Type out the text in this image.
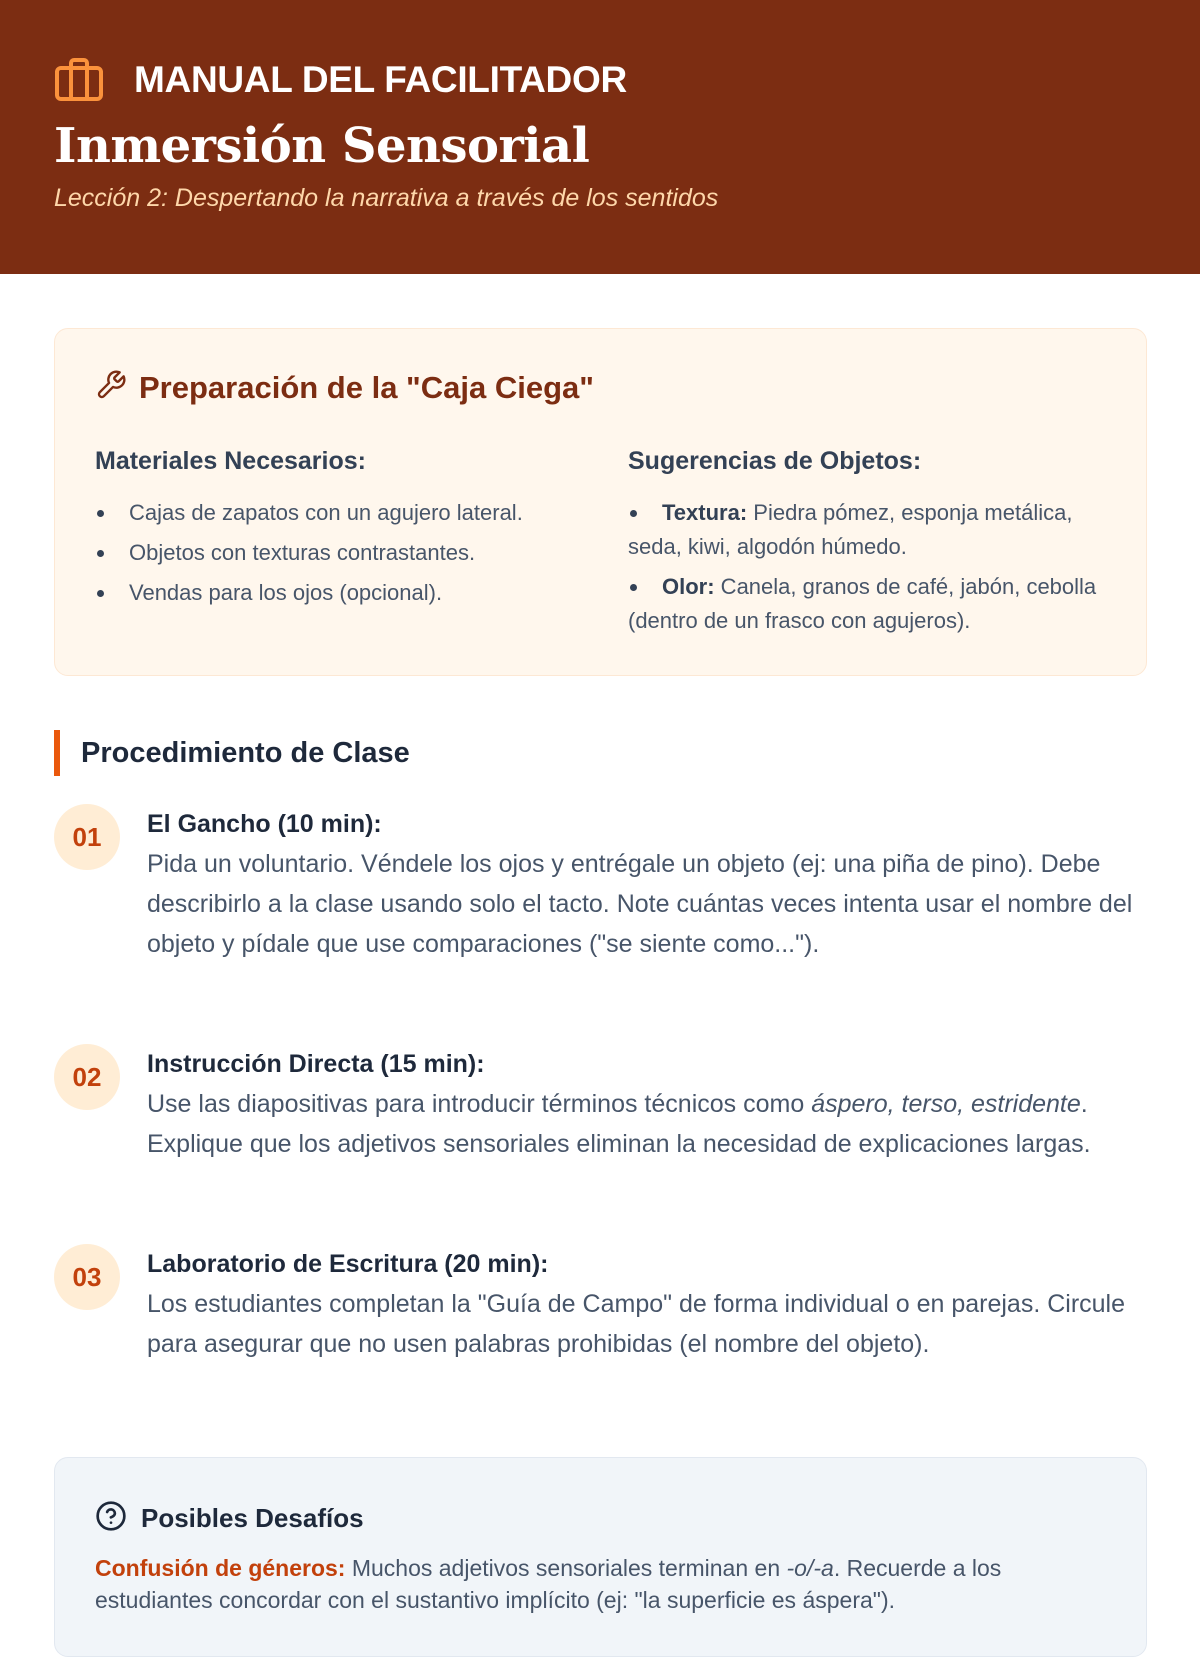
MANUAL DEL FACILITADOR
Inmersión Sensorial

Lección 2: Despertando la narrativa a través de los sentidos

Preparación de la "Caja Ciega"
Materiales Necesarios:
Cajas de zapatos con un agujero lateral.
Objetos con texturas contrastantes.
Vendas para los ojos (opcional).
Sugerencias de Objetos:
Textura: Piedra pómez, esponja metálica, seda, kiwi, algodón húmedo.
Olor: Canela, granos de café, jabón, cebolla (dentro de un frasco con agujeros).
Procedimiento de Clase
01	El Gancho (10 min):
Pida un voluntario. Véndele los ojos y entrégale un objeto (ej: una piña de pino). Debe describirlo a la clase usando solo el tacto. Note cuántas veces intenta usar el nombre del objeto y pídale que use comparaciones ("se siente como...").
02	Instrucción Directa (15 min):
Use las diapositivas para introducir términos técnicos como áspero, terso, estridente. Explique que los adjetivos sensoriales eliminan la necesidad de explicaciones largas.
03	Laboratorio de Escritura (20 min):
Los estudiantes completan la "Guía de Campo" de forma individual o en parejas. Circule para asegurar que no usen palabras prohibidas (el nombre del objeto).
Posibles Desafíos

Confusión de géneros: Muchos adjetivos sensoriales terminan en -o/-a. Recuerde a los estudiantes concordar con el sustantivo implícito (ej: "la superficie es áspera").
